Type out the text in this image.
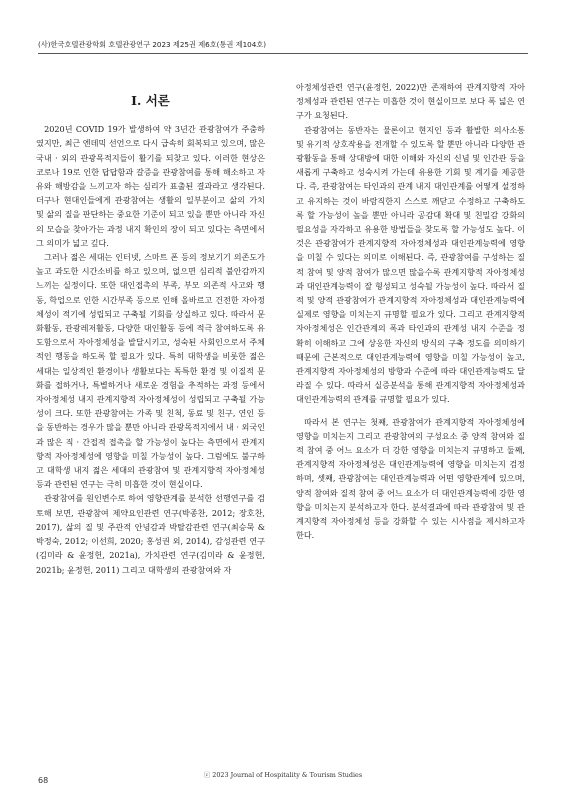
(사)한국호텔관광학회 호텔관광연구 2023 제25권 제6호(통권 제104호)
I. 서론

2020년 COVID 19가 발생하여 약 3년간 관광참여가 주춤하였지만, 최근 엔데믹 선언으로 다시 급속히 회복되고 있으며, 많은 국내 · 외의 관광목적지들이 활기를 되찾고 있다. 이러한 현상은 코로나 19로 인한 답답함과 갈증을 관광참여를 통해 해소하고 자유와 해방감을 느끼고자 하는 심리가 표출된 결과라고 생각된다. 더구나 현대인들에게 관광참여는 생활의 일부분이고 삶의 가치 및 삶의 질을 판단하는 중요한 기준이 되고 있을 뿐만 아니라 자신의 모습을 찾아가는 과정 내지 확인의 장이 되고 있다는 측면에서 그 의미가 넓고 깊다.

그러나 젊은 세대는 인터넷, 스마트 폰 등의 정보기기 의존도가 높고 과도한 시간소비를 하고 있으며, 없으면 심리적 불안감까지 느끼는 실정이다. 또한 대인접촉의 부족, 부모 의존적 사고와 행동, 학업으로 인한 시간부족 등으로 인해 올바르고 건전한 자아정체성이 적기에 성립되고 구축될 기회를 상실하고 있다. 따라서 문화활동, 관광레저활동, 다양한 대인활동 등에 적극 참여하도록 유도함으로서 자아정체성을 발달시키고, 성숙된 사회인으로서 주체적인 행동을 하도록 할 필요가 있다. 특히 대학생을 비롯한 젊은 세대는 일상적인 환경이나 생활보다는 독특한 환경 및 이질적 문화를 접하거나, 특별하거나 새로운 경험을 추적하는 과정 등에서 자아정체성 내지 관계지향적 자아정체성이 성립되고 구축될 가능성이 크다. 또한 관광참여는 가족 및 친척, 동료 및 친구, 연인 등을 동반하는 경우가 많을 뿐만 아니라 관광목적지에서 내 · 외국인과 많은 직 · 간접적 접촉을 할 가능성이 높다는 측면에서 관계지향적 자아정체성에 영향을 미칠 가능성이 높다. 그럼에도 불구하고 대학생 내지 젊은 세대의 관광참여 및 관계지향적 자아정체성 등과 관련된 연구는 극히 미흡한 것이 현실이다.

관광참여를 원인변수로 하여 영향관계를 분석한 선행연구를 검토해 보면, 관광참여 제약요인관련 연구(박종찬, 2012; 장호찬, 2017), 삶의 질 및 주관적 안녕감과 박탈감관련 연구(최승묵 & 박정숙, 2012; 이선희, 2020; 홍성권 외, 2014), 감성관련 연구(김미라 & 윤정헌, 2021a), 가치관련 연구(김미라 & 윤정헌, 2021b; 윤정헌, 2011) 그리고 대학생의 관광참여와 자

아정체성관련 연구(윤정헌, 2022)만 존재하여 관계지향적 자아정체성과 관련된 연구는 미흡한 것이 현실이므로 보다 폭 넓은 연구가 요청된다.

관광참여는 동반자는 물론이고 현지인 등과 활발한 의사소통 및 유기적 상호작용을 전개할 수 있도록 할 뿐만 아니라 다양한 관광활동을 통해 상대방에 대한 이해와 자신의 신념 및 인간관 등을 새롭게 구축하고 성숙시켜 가는데 유용한 기회 및 계기를 제공한다. 즉, 관광참여는 타인과의 관계 내지 대인관계를 어떻게 설정하고 유지하는 것이 바람직한지 스스로 깨닫고 수정하고 구축하도록 할 가능성이 높을 뿐만 아니라 공감대 확대 및 친밀감 강화의 필요성을 자각하고 유용한 방법들을 찾도록 할 가능성도 높다. 이것은 관광참여가 관계지향적 자아정체성과 대인관계능력에 영향을 미칠 수 있다는 의미로 이해된다. 즉, 관광참여를 구성하는 질적 참여 및 양적 참여가 많으면 많을수록 관계지향적 자아정체성과 대인관계능력이 잘 형성되고 성숙될 가능성이 높다. 따라서 질적 및 양적 관광참여가 관계지향적 자아정체성과 대인관계능력에 실제로 영향을 미치는지 규명할 필요가 있다. 그리고 관계지향적 자아정체성은 인간관계의 폭과 타인과의 관계성 내지 수준을 정확히 이해하고 그에 상응한 자신의 방식의 구축 정도를 의미하기 때문에 근본적으로 대인관계능력에 영향을 미칠 가능성이 높고, 관계지향적 자아정체성의 방향과 수준에 따라 대인관계능력도 달라질 수 있다. 따라서 실증분석을 통해 관계지향적 자아정체성과 대인관계능력의 관계를 규명할 필요가 있다.

따라서 본 연구는 첫째, 관광참여가 관계지향적 자아정체성에 영향을 미치는지 그리고 관광참여의 구성요소 중 양적 참여와 질적 참여 중 어느 요소가 더 강한 영향을 미치는지 규명하고 둘째, 관계지향적 자아정체성은 대인관계능력에 영향을 미치는지 검정하며, 셋째, 관광참여는 대인관계능력과 어떤 영향관계에 있으며, 양적 참여와 질적 참여 중 어느 요소가 더 대인관계능력에 강한 영향을 미치는지 분석하고자 한다. 분석결과에 따라 관광참여 및 관계지향적 자아정체성 등을 강화할 수 있는 시사점을 제시하고자 한다.

ⓒ 2023 Journal of Hospitality & Tourism Studies
68
